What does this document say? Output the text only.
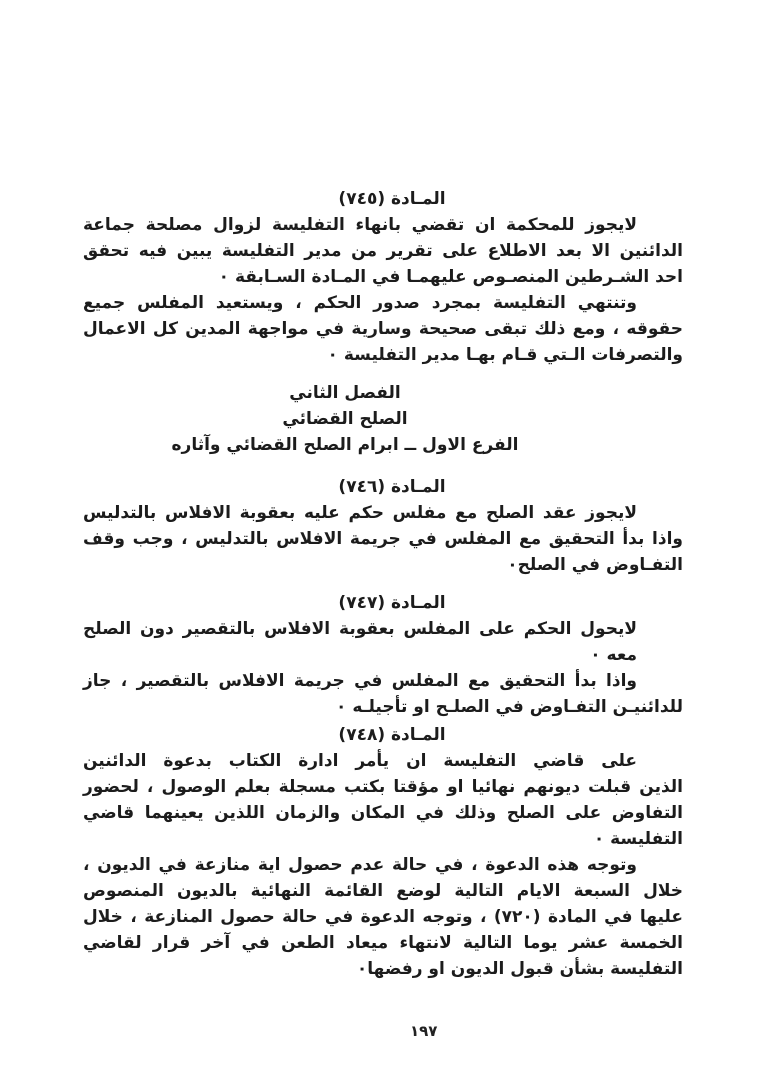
المـادة (٧٤٥)
لايجوز للمحكمة ان تقضي بانهاء التفليسة لزوال مصلحة جماعة
الدائنين الا بعد الاطلاع على تقرير من مدير التفليسة يبين فيه تحقق
احد الشـرطين المنصـوص عليهمـا في المـادة السـابقة ٠
وتنتهي التفليسة بمجرد صدور الحكم ، ويستعيد المفلس جميع
حقوقه ، ومع ذلك تبقى صحيحة وسارية في مواجهة المدين كل الاعمال
والتصرفات الـتي قـام بهـا مدير التفليسة ٠
الفصل الثاني
الصلح القضائي
الفرع الاول ــ ابرام الصلح القضائي وآثاره
المـادة (٧٤٦)
لايجوز عقد الصلح مع مفلس حكم عليه بعقوبة الافلاس بالتدليس
واذا بدأ التحقيق مع المفلس في جريمة الافلاس بالتدليس ، وجب وقف
التفـاوض في الصلح٠
المـادة (٧٤٧)
لايحول الحكم على المفلس بعقوبة الافلاس بالتقصير دون الصلح
معه ٠
واذا بدأ التحقيق مع المفلس في جريمة الافلاس بالتقصير ، جاز
للدائنيـن التفـاوض في الصلـح او تأجيلـه ٠
المـادة (٧٤٨)
على قاضي التفليسة ان يأمر ادارة الكتاب بدعوة الدائنين
الذين قبلت ديونهم نهائيا او مؤقتا بكتب مسجلة بعلم الوصول ، لحضور
التفاوض على الصلح وذلك في المكان والزمان اللذين يعينهما قاضي
التفليسة ٠
وتوجه هذه الدعوة ، في حالة عدم حصول اية منازعة في الديون ،
خلال السبعة الايام التالية لوضع القائمة النهائية بالديون المنصوص
عليها في المادة (٧٢٠) ، وتوجه الدعوة في حالة حصول المنازعة ، خلال
الخمسة عشر يوما التالية لانتهاء ميعاد الطعن في آخر قرار لقاضي
التفليسة بشأن قبول الديون او رفضها٠
١٩٧
